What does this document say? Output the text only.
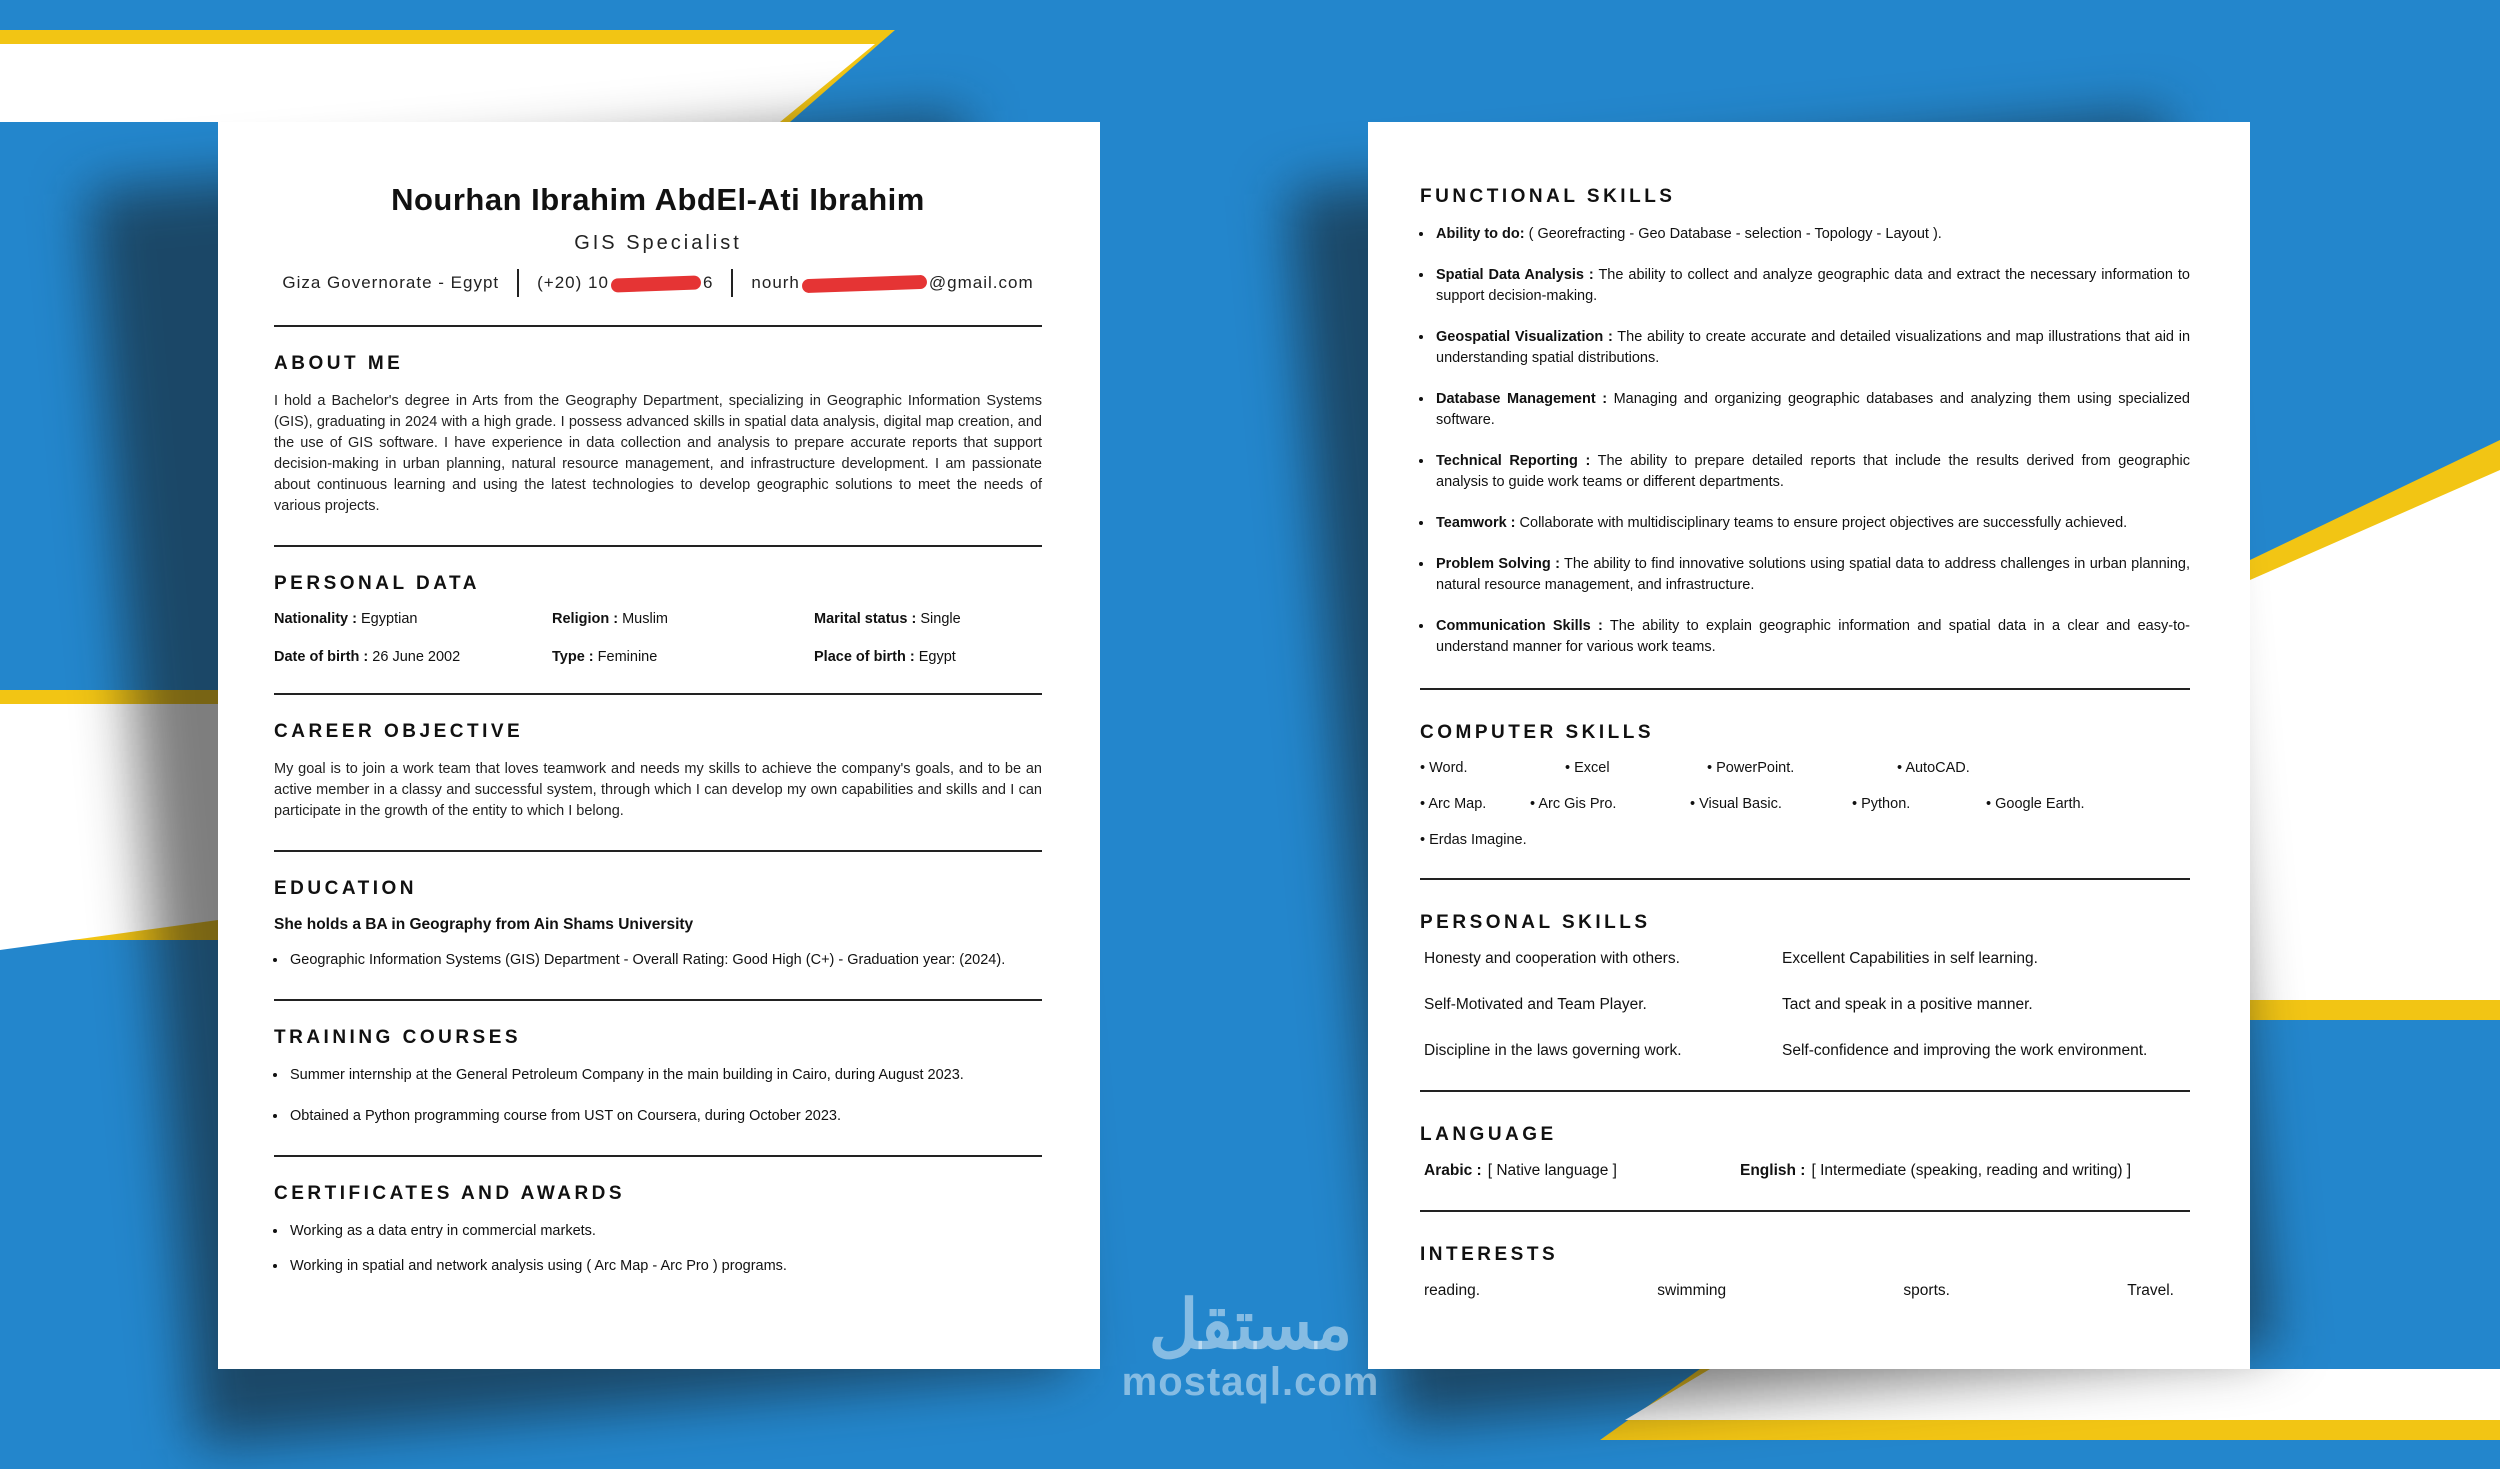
Nourhan Ibrahim AbdEl-Ati Ibrahim
GIS Specialist
Giza Governorate - Egypt (+20) 10	6 nourh	@gmail.com
ABOUT ME
I hold a Bachelor's degree in Arts from the Geography Department, specializing in Geographic Information Systems (GIS), graduating in 2024 with a high grade. I possess advanced skills in spatial data analysis, digital map creation, and the use of GIS software. I have experience in data collection and analysis to prepare accurate reports that support decision-making in urban planning, natural resource management, and infrastructure development. I am passionate about continuous learning and using the latest technologies to develop geographic solutions to meet the needs of various projects.
PERSONAL DATA
Nationality : Egyptian	Religion : Muslim	Marital status : Single
Date of birth : 26 June 2002	Type : Feminine	Place of birth : Egypt
CAREER OBJECTIVE
My goal is to join a work team that loves teamwork and needs my skills to achieve the company's goals, and to be an active member in a classy and successful system, through which I can develop my own capabilities and skills and I can participate in the growth of the entity to which I belong.
EDUCATION
She holds a BA in Geography from Ain Shams University
• Geographic Information Systems (GIS) Department - Overall Rating: Good High (C+) - Graduation year: (2024).
TRAINING COURSES
• Summer internship at the General Petroleum Company in the main building in Cairo, during August 2023.
• Obtained a Python programming course from UST on Coursera, during October 2023.
CERTIFICATES AND AWARDS
• Working as a data entry in commercial markets.
• Working in spatial and network analysis using ( Arc Map - Arc Pro ) programs.
FUNCTIONAL SKILLS
• Ability to do: ( Georefracting - Geo Database - selection - Topology - Layout ).
• Spatial Data Analysis : The ability to collect and analyze geographic data and extract the necessary information to support decision-making.
• Geospatial Visualization : The ability to create accurate and detailed visualizations and map illustrations that aid in understanding spatial distributions.
• Database Management : Managing and organizing geographic databases and analyzing them using specialized software.
• Technical Reporting : The ability to prepare detailed reports that include the results derived from geographic analysis to guide work teams or different departments.
• Teamwork : Collaborate with multidisciplinary teams to ensure project objectives are successfully achieved.
• Problem Solving : The ability to find innovative solutions using spatial data to address challenges in urban planning, natural resource management, and infrastructure.
• Communication Skills : The ability to explain geographic information and spatial data in a clear and easy-to-understand manner for various work teams.
COMPUTER SKILLS
• Word.	• Excel	• PowerPoint.	• AutoCAD.
• Arc Map.	• Arc Gis Pro.	• Visual Basic.	• Python.	• Google Earth.
• Erdas Imagine.
PERSONAL SKILLS
Honesty and cooperation with others.	Excellent Capabilities in self learning.
Self-Motivated and Team Player.	Tact and speak in a positive manner.
Discipline in the laws governing work.	Self-confidence and improving the work environment.
LANGUAGE
Arabic : [ Native language ]	English : [ Intermediate (speaking, reading and writing) ]
INTERESTS
reading.	swimming	sports.	Travel.
مستقل
mostaql.com
